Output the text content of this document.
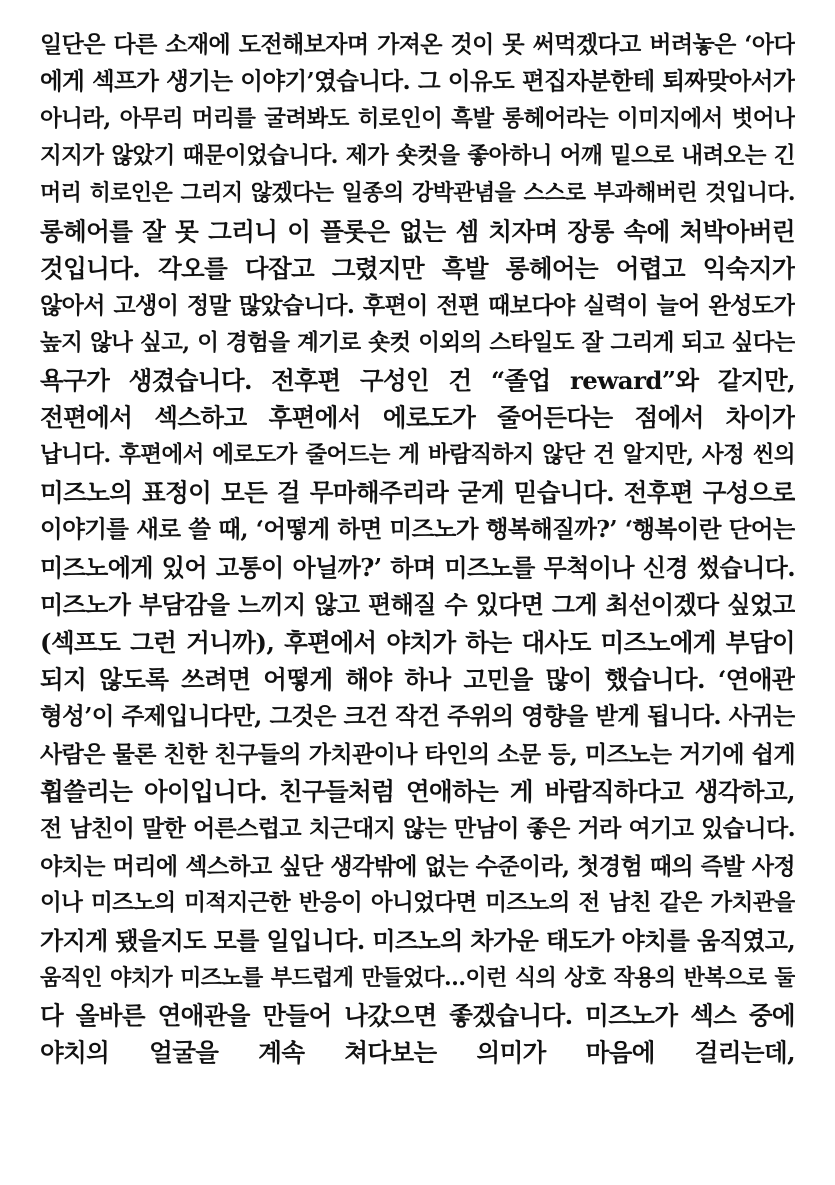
일단은 다른 소재에 도전해보자며 가져온 것이 못 써먹겠다고 버려놓은 ‘아다
에게 섹프가 생기는 이야기’였습니다. 그 이유도 편집자분한테 퇴짜맞아서가
아니라, 아무리 머리를 굴려봐도 히로인이 흑발 롱헤어라는 이미지에서 벗어나
지지가 않았기 때문이었습니다. 제가 숏컷을 좋아하니 어깨 밑으로 내려오는 긴
머리 히로인은 그리지 않겠다는 일종의 강박관념을 스스로 부과해버린 것입니다.
롱헤어를 잘 못 그리니 이 플롯은 없는 셈 치자며 장롱 속에 처박아버린
것입니다. 각오를 다잡고 그렸지만 흑발 롱헤어는 어렵고 익숙지가
않아서 고생이 정말 많았습니다. 후편이 전편 때보다야 실력이 늘어 완성도가
높지 않나 싶고, 이 경험을 계기로 숏컷 이외의 스타일도 잘 그리게 되고 싶다는
욕구가 생겼습니다. 전후편 구성인 건 “졸업 reward”와 같지만,
전편에서 섹스하고 후편에서 에로도가 줄어든다는 점에서 차이가
납니다. 후편에서 에로도가 줄어드는 게 바람직하지 않단 건 알지만, 사정 씬의
미즈노의 표정이 모든 걸 무마해주리라 굳게 믿습니다. 전후편 구성으로
이야기를 새로 쓸 때, ‘어떻게 하면 미즈노가 행복해질까?’ ‘행복이란 단어는
미즈노에게 있어 고통이 아닐까?’ 하며 미즈노를 무척이나 신경 썼습니다.
미즈노가 부담감을 느끼지 않고 편해질 수 있다면 그게 최선이겠다 싶었고
(섹프도 그런 거니까), 후편에서 야치가 하는 대사도 미즈노에게 부담이
되지 않도록 쓰려면 어떻게 해야 하나 고민을 많이 했습니다. ‘연애관
형성’이 주제입니다만, 그것은 크건 작건 주위의 영향을 받게 됩니다. 사귀는
사람은 물론 친한 친구들의 가치관이나 타인의 소문 등, 미즈노는 거기에 쉽게
휩쓸리는 아이입니다. 친구들처럼 연애하는 게 바람직하다고 생각하고,
전 남친이 말한 어른스럽고 치근대지 않는 만남이 좋은 거라 여기고 있습니다.
야치는 머리에 섹스하고 싶단 생각밖에 없는 수준이라, 첫경험 때의 즉발 사정
이나 미즈노의 미적지근한 반응이 아니었다면 미즈노의 전 남친 같은 가치관을
가지게 됐을지도 모를 일입니다. 미즈노의 차가운 태도가 야치를 움직였고,
움직인 야치가 미즈노를 부드럽게 만들었다…이런 식의 상호 작용의 반복으로 둘
다 올바른 연애관을 만들어 나갔으면 좋겠습니다. 미즈노가 섹스 중에
야치의 얼굴을 계속 쳐다보는 의미가 마음에 걸리는데,
